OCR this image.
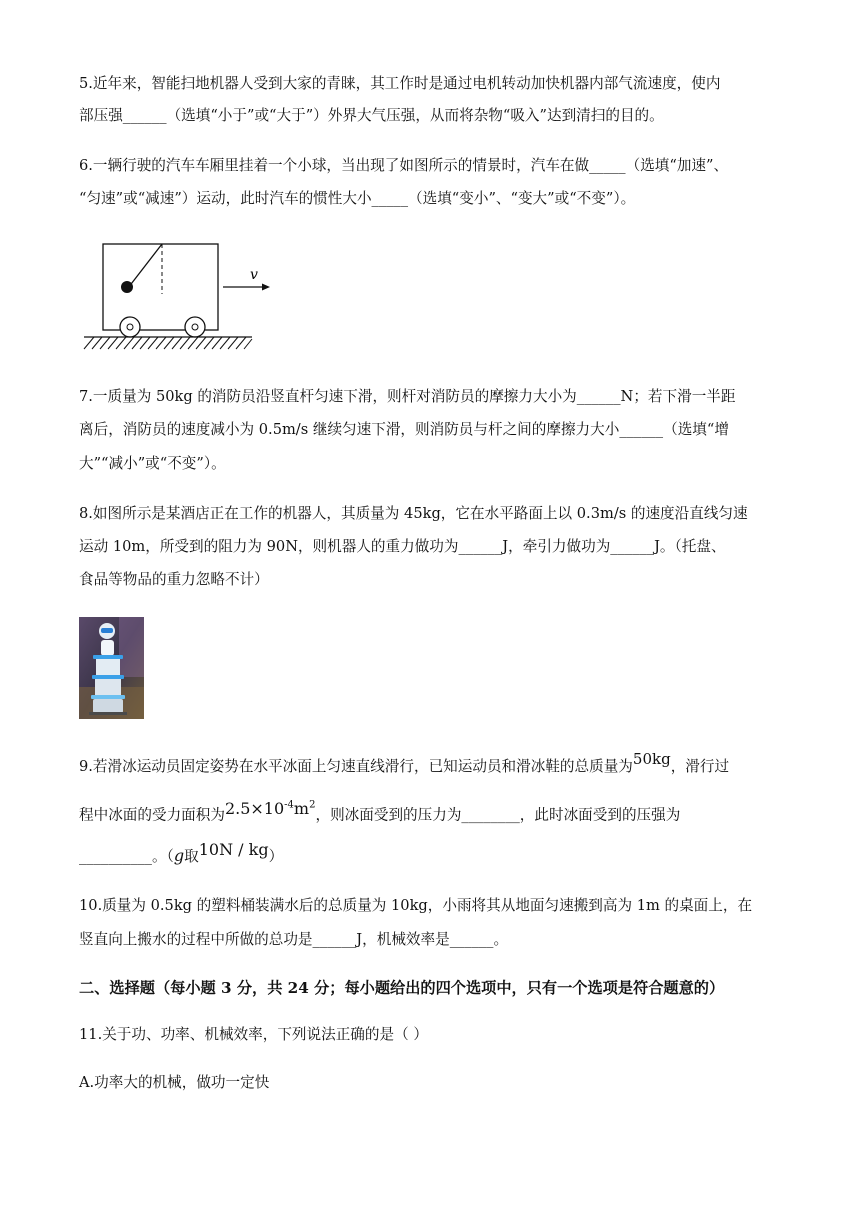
5.近年来，智能扫地机器人受到大家的青睐，其工作时是通过电机转动加快机器内部气流速度，使内
部压强______（选填“小于”或“大于”）外界大气压强，从而将杂物“吸入”达到清扫的目的。
6.一辆行驶的汽车车厢里挂着一个小球，当出现了如图所示的情景时，汽车在做_____（选填“加速”、
“匀速”或“减速”）运动，此时汽车的惯性大小_____（选填“变小”、“变大”或“不变”）。
v
7.一质量为 50kg 的消防员沿竖直杆匀速下滑，则杆对消防员的摩擦力大小为______N；若下滑一半距
离后，消防员的速度减小为 0.5m/s 继续匀速下滑，则消防员与杆之间的摩擦力大小______（选填“增
大”“减小”或“不变”）。
8.如图所示是某酒店正在工作的机器人，其质量为 45kg，它在水平路面上以 0.3m/s 的速度沿直线匀速
运动 10m，所受到的阻力为 90N，则机器人的重力做功为______J，牵引力做功为______J。（托盘、
食品等物品的重力忽略不计）
9.若滑冰运动员固定姿势在水平冰面上匀速直线滑行，已知运动员和滑冰鞋的总质量为50kg，滑行过
程中冰面的受力面积为$2.5\times 10^{-4}m^2$，则冰面受到的压力为________，此时冰面受到的压强为
__________。（g取10N / kg）
10.质量为 0.5kg 的塑料桶装满水后的总质量为 10kg，小雨将其从地面匀速搬到高为 1m 的桌面上，在
竖直向上搬水的过程中所做的总功是______J，机械效率是______。
二、选择题（每小题 3 分，共 24 分；每小题给出的四个选项中，只有一个选项是符合题意的）
11.关于功、功率、机械效率，下列说法正确的是（ ）
A.功率大的机械，做功一定快
